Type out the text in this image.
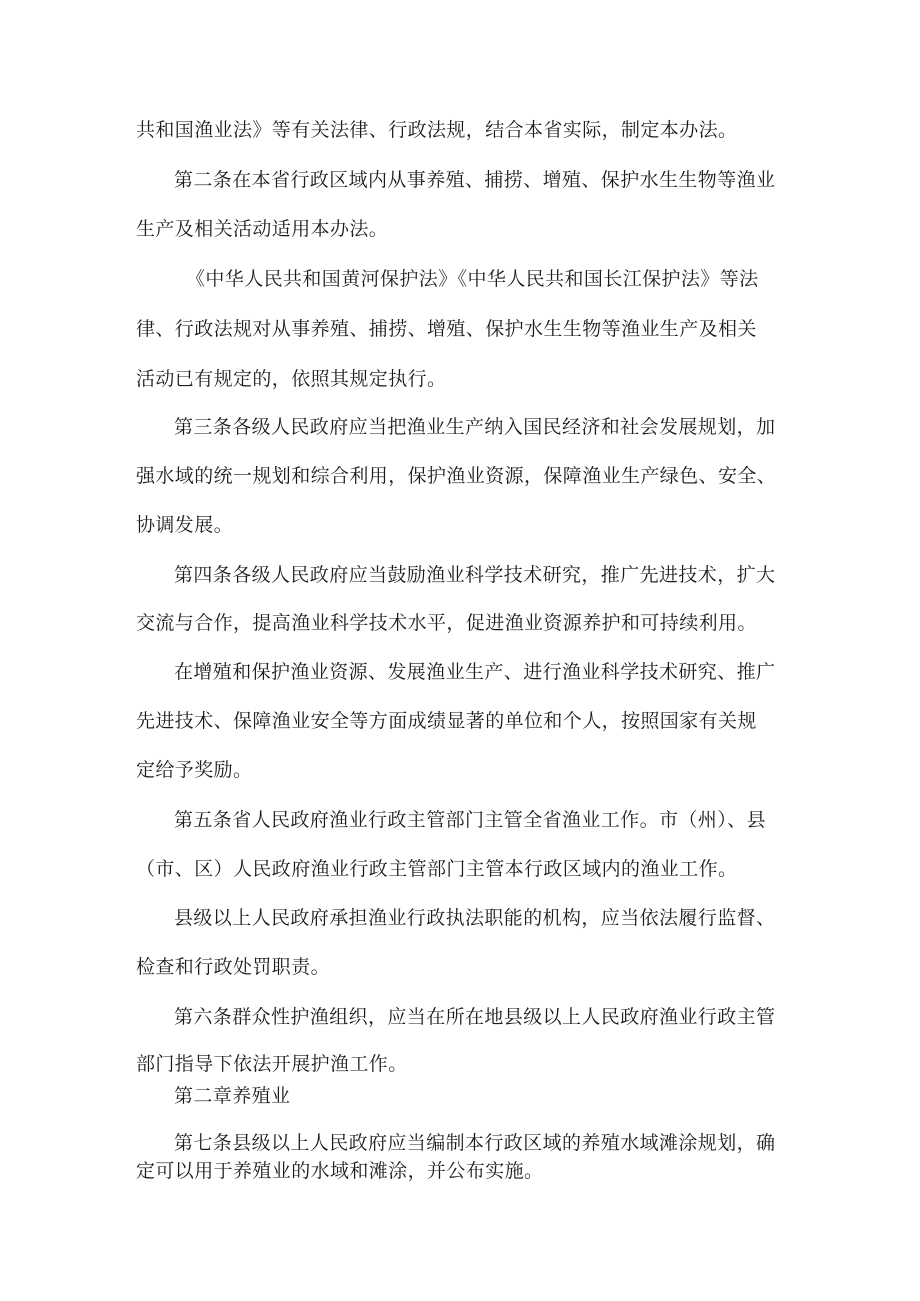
共和国渔业法》等有关法律、行政法规，结合本省实际，制定本办法。
第二条在本省行政区域内从事养殖、捕捞、增殖、保护水生生物等渔业
生产及相关活动适用本办法。
《中华人民共和国黄河保护法》《中华人民共和国长江保护法》等法
律、行政法规对从事养殖、捕捞、增殖、保护水生生物等渔业生产及相关
活动已有规定的，依照其规定执行。
第三条各级人民政府应当把渔业生产纳入国民经济和社会发展规划，加
强水域的统一规划和综合利用，保护渔业资源，保障渔业生产绿色、安全、
协调发展。
第四条各级人民政府应当鼓励渔业科学技术研究，推广先进技术，扩大
交流与合作，提高渔业科学技术水平，促进渔业资源养护和可持续利用。
在增殖和保护渔业资源、发展渔业生产、进行渔业科学技术研究、推广
先进技术、保障渔业安全等方面成绩显著的单位和个人，按照国家有关规
定给予奖励。
第五条省人民政府渔业行政主管部门主管全省渔业工作。市（州）、县
（市、区）人民政府渔业行政主管部门主管本行政区域内的渔业工作。
县级以上人民政府承担渔业行政执法职能的机构，应当依法履行监督、
检查和行政处罚职责。
第六条群众性护渔组织，应当在所在地县级以上人民政府渔业行政主管
部门指导下依法开展护渔工作。
第二章养殖业
第七条县级以上人民政府应当编制本行政区域的养殖水域滩涂规划，确
定可以用于养殖业的水域和滩涂，并公布实施。
